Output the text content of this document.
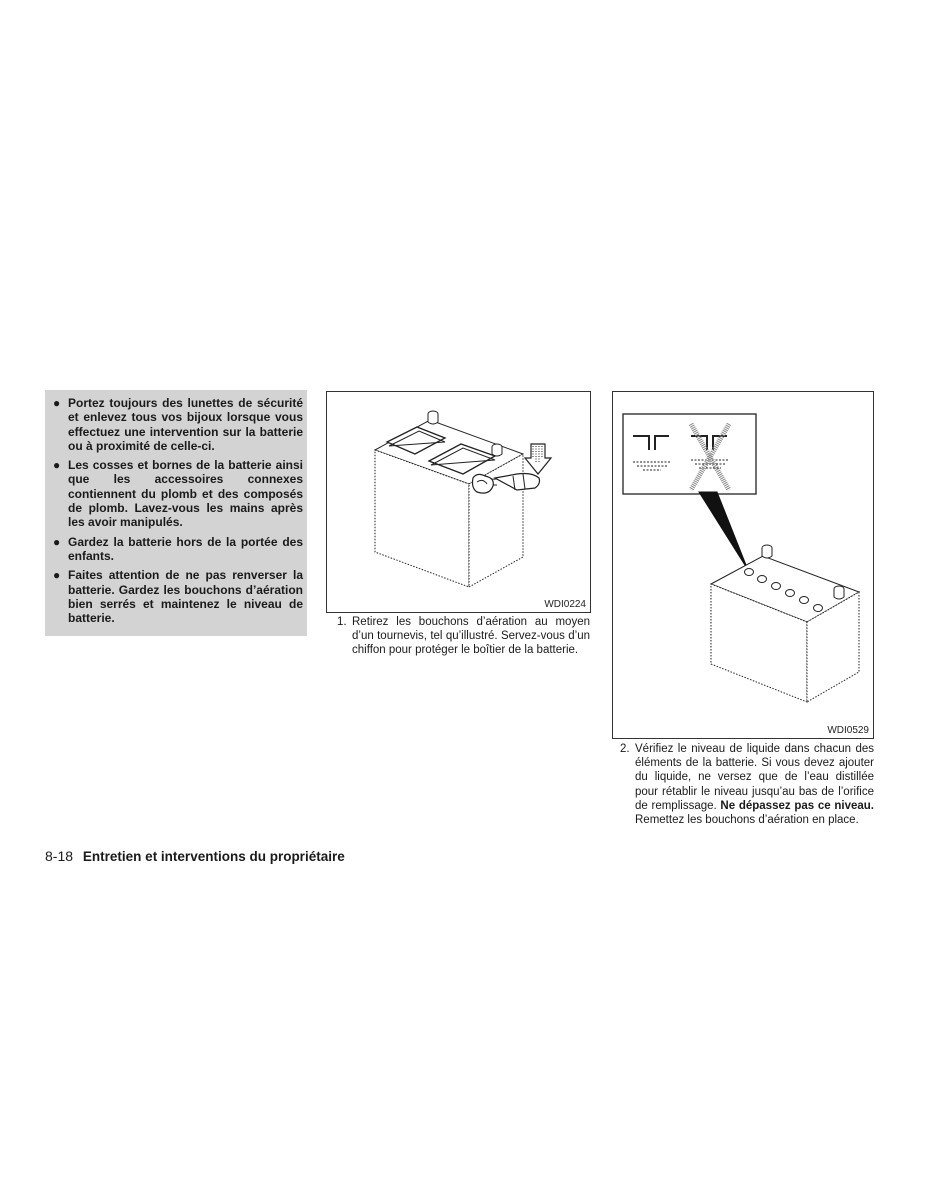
● Portez toujours des lunettes de sécurité et enlevez tous vos bijoux lorsque vous effectuez une intervention sur la batterie ou à proximité de celle-ci.
● Les cosses et bornes de la batterie ainsi que les accessoires connexes contiennent du plomb et des composés de plomb. Lavez-vous les mains après les avoir manipulés.
● Gardez la batterie hors de la portée des enfants.
● Faites attention de ne pas renverser la batterie. Gardez les bouchons d’aération bien serrés et maintenez le niveau de batterie.
WDI0224
1. Retirez les bouchons d’aération au moyen d’un tournevis, tel qu’illustré. Servez-vous d’un chiffon pour protéger le boîtier de la batterie.
WDI0529
2. Vérifiez le niveau de liquide dans chacun des éléments de la batterie. Si vous devez ajouter du liquide, ne versez que de l’eau distillée pour rétablir le niveau jusqu’au bas de l’orifice de remplissage. Ne dépassez pas ce niveau. Remettez les bouchons d’aération en place.
8-18 Entretien et interventions du propriétaire
